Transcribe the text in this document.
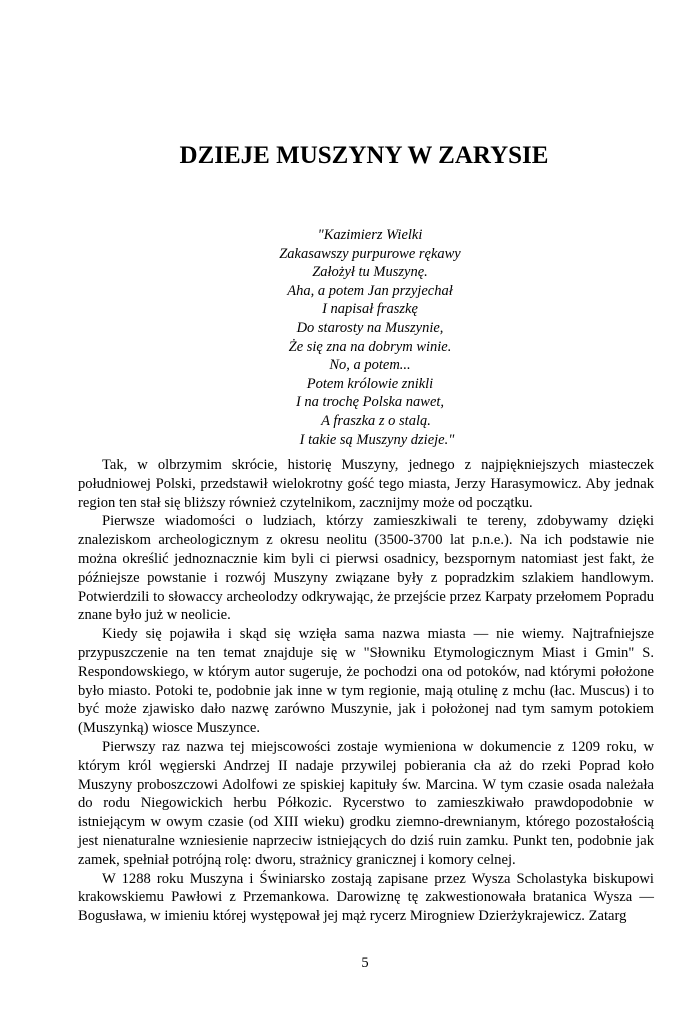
DZIEJE MUSZYNY W ZARYSIE
"Kazimierz Wielki
Zakasawszy purpurowe rękawy
Założył tu Muszynę.
Aha, a potem Jan przyjechał
I napisał fraszkę
Do starosty na Muszynie,
Że się zna na dobrym winie.
No, a potem...
Potem królowie znikli
I na trochę Polska nawet,
A fraszka z o stalą.
I takie są Muszyny dzieje."

Tak, w olbrzymim skrócie, historię Muszyny, jednego z najpiękniejszych miasteczek południowej Polski, przedstawił wielokrotny gość tego miasta, Jerzy Harasymowicz. Aby jednak region ten stał się bliższy również czytelnikom, zacznijmy może od początku.

Pierwsze wiadomości o ludziach, którzy zamieszkiwali te tereny, zdobywamy dzięki znaleziskom archeologicznym z okresu neolitu (3500-3700 lat p.n.e.). Na ich podstawie nie można określić jednoznacznie kim byli ci pierwsi osadnicy, bezspornym natomiast jest fakt, że późniejsze powstanie i rozwój Muszyny związane były z popradzkim szlakiem handlowym. Potwierdzili to słowaccy archeolodzy odkrywając, że przejście przez Karpaty przełomem Popradu znane było już w neolicie.

Kiedy się pojawiła i skąd się wzięła sama nazwa miasta — nie wiemy. Najtrafniejsze przypuszczenie na ten temat znajduje się w "Słowniku Etymologicznym Miast i Gmin" S. Respondowskiego, w którym autor sugeruje, że pochodzi ona od potoków, nad którymi położone było miasto. Potoki te, podobnie jak inne w tym regionie, mają otulinę z mchu (łac. Muscus) i to być może zjawisko dało nazwę zarówno Muszynie, jak i położonej nad tym samym potokiem (Muszynką) wiosce Muszynce.

Pierwszy raz nazwa tej miejscowości zostaje wymieniona w dokumencie z 1209 roku, w którym król węgierski Andrzej II nadaje przywilej pobierania cła aż do rzeki Poprad koło Muszyny proboszczowi Adolfowi ze spiskiej kapituły św. Marcina. W tym czasie osada należała do rodu Niegowickich herbu Półkozic. Rycerstwo to zamieszkiwało prawdopodobnie w istniejącym w owym czasie (od XIII wieku) grodku ziemno-drewnianym, którego pozostałością jest nienaturalne wzniesienie naprzeciw istniejących do dziś ruin zamku. Punkt ten, podobnie jak zamek, spełniał potrójną rolę: dworu, strażnicy granicznej i komory celnej.

W 1288 roku Muszyna i Świniarsko zostają zapisane przez Wysza Scholastyka biskupowi krakowskiemu Pawłowi z Przemankowa. Darowiznę tę zakwestionowała bratanica Wysza — Bogusława, w imieniu której występował jej mąż rycerz Mirogniew Dzierżykrajewicz. Zatarg

5
